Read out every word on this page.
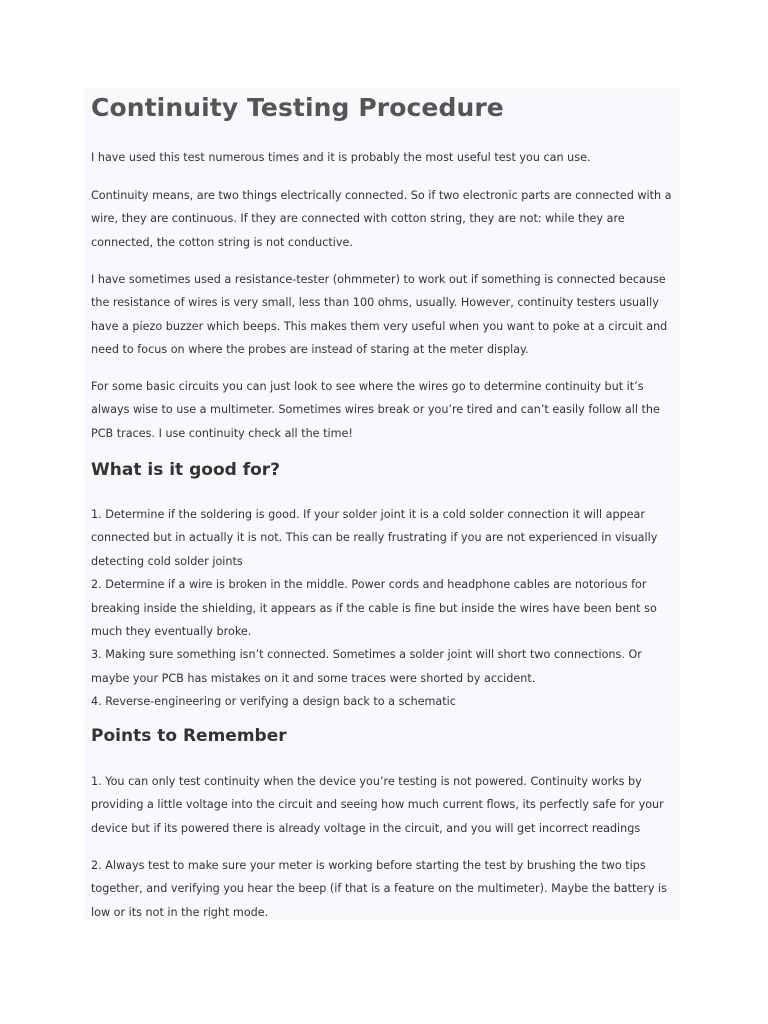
Continuity Testing Procedure

I have used this test numerous times and it is probably the most useful test you can use.

Continuity means, are two things electrically connected. So if two electronic parts are connected with a wire, they are continuous. If they are connected with cotton string, they are not: while they are connected, the cotton string is not conductive.

I have sometimes used a resistance-tester (ohmmeter) to work out if something is connected because the resistance of wires is very small, less than 100 ohms, usually. However, continuity testers usually have a piezo buzzer which beeps. This makes them very useful when you want to poke at a circuit and need to focus on where the probes are instead of staring at the meter display.

For some basic circuits you can just look to see where the wires go to determine continuity but it’s always wise to use a multimeter. Sometimes wires break or you’re tired and can’t easily follow all the PCB traces. I use continuity check all the time!

What is it good for?

1. Determine if the soldering is good. If your solder joint it is a cold solder connection it will appear connected but in actually it is not. This can be really frustrating if you are not experienced in visually detecting cold solder joints
2. Determine if a wire is broken in the middle. Power cords and headphone cables are notorious for breaking inside the shielding, it appears as if the cable is fine but inside the wires have been bent so much they eventually broke.
3. Making sure something isn’t connected. Sometimes a solder joint will short two connections. Or maybe your PCB has mistakes on it and some traces were shorted by accident.
4. Reverse-engineering or verifying a design back to a schematic

Points to Remember

1. You can only test continuity when the device you’re testing is not powered. Continuity works by providing a little voltage into the circuit and seeing how much current flows, its perfectly safe for your device but if its powered there is already voltage in the circuit, and you will get incorrect readings

2. Always test to make sure your meter is working before starting the test by brushing the two tips together, and verifying you hear the beep (if that is a feature on the multimeter). Maybe the battery is low or its not in the right mode.
